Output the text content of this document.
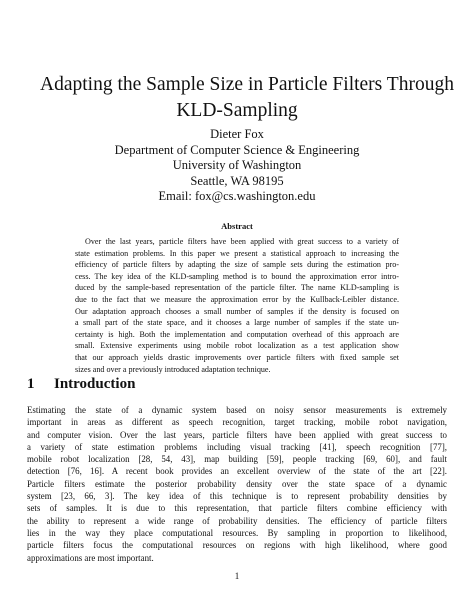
Adapting the Sample Size in Particle Filters Through
KLD-Sampling
Dieter Fox
Department of Computer Science & Engineering
University of Washington
Seattle, WA 98195
Email: fox@cs.washington.edu
Abstract
Over the last years, particle filters have been applied with great success to a variety of
state estimation problems. In this paper we present a statistical approach to increasing the
efficiency of particle filters by adapting the size of sample sets during the estimation pro-
cess. The key idea of the KLD-sampling method is to bound the approximation error intro-
duced by the sample-based representation of the particle filter. The name KLD-sampling is
due to the fact that we measure the approximation error by the Kullback-Leibler distance.
Our adaptation approach chooses a small number of samples if the density is focused on
a small part of the state space, and it chooses a large number of samples if the state un-
certainty is high. Both the implementation and computation overhead of this approach are
small. Extensive experiments using mobile robot localization as a test application show
that our approach yields drastic improvements over particle filters with fixed sample set
sizes and over a previously introduced adaptation technique.
1 Introduction
Estimating the state of a dynamic system based on noisy sensor measurements is extremely
important in areas as different as speech recognition, target tracking, mobile robot navigation,
and computer vision. Over the last years, particle filters have been applied with great success to
a variety of state estimation problems including visual tracking [41], speech recognition [77],
mobile robot localization [28, 54, 43], map building [59], people tracking [69, 60], and fault
detection [76, 16]. A recent book provides an excellent overview of the state of the art [22].
Particle filters estimate the posterior probability density over the state space of a dynamic
system [23, 66, 3]. The key idea of this technique is to represent probability densities by
sets of samples. It is due to this representation, that particle filters combine efficiency with
the ability to represent a wide range of probability densities. The efficiency of particle filters
lies in the way they place computational resources. By sampling in proportion to likelihood,
particle filters focus the computational resources on regions with high likelihood, where good
approximations are most important.
1
